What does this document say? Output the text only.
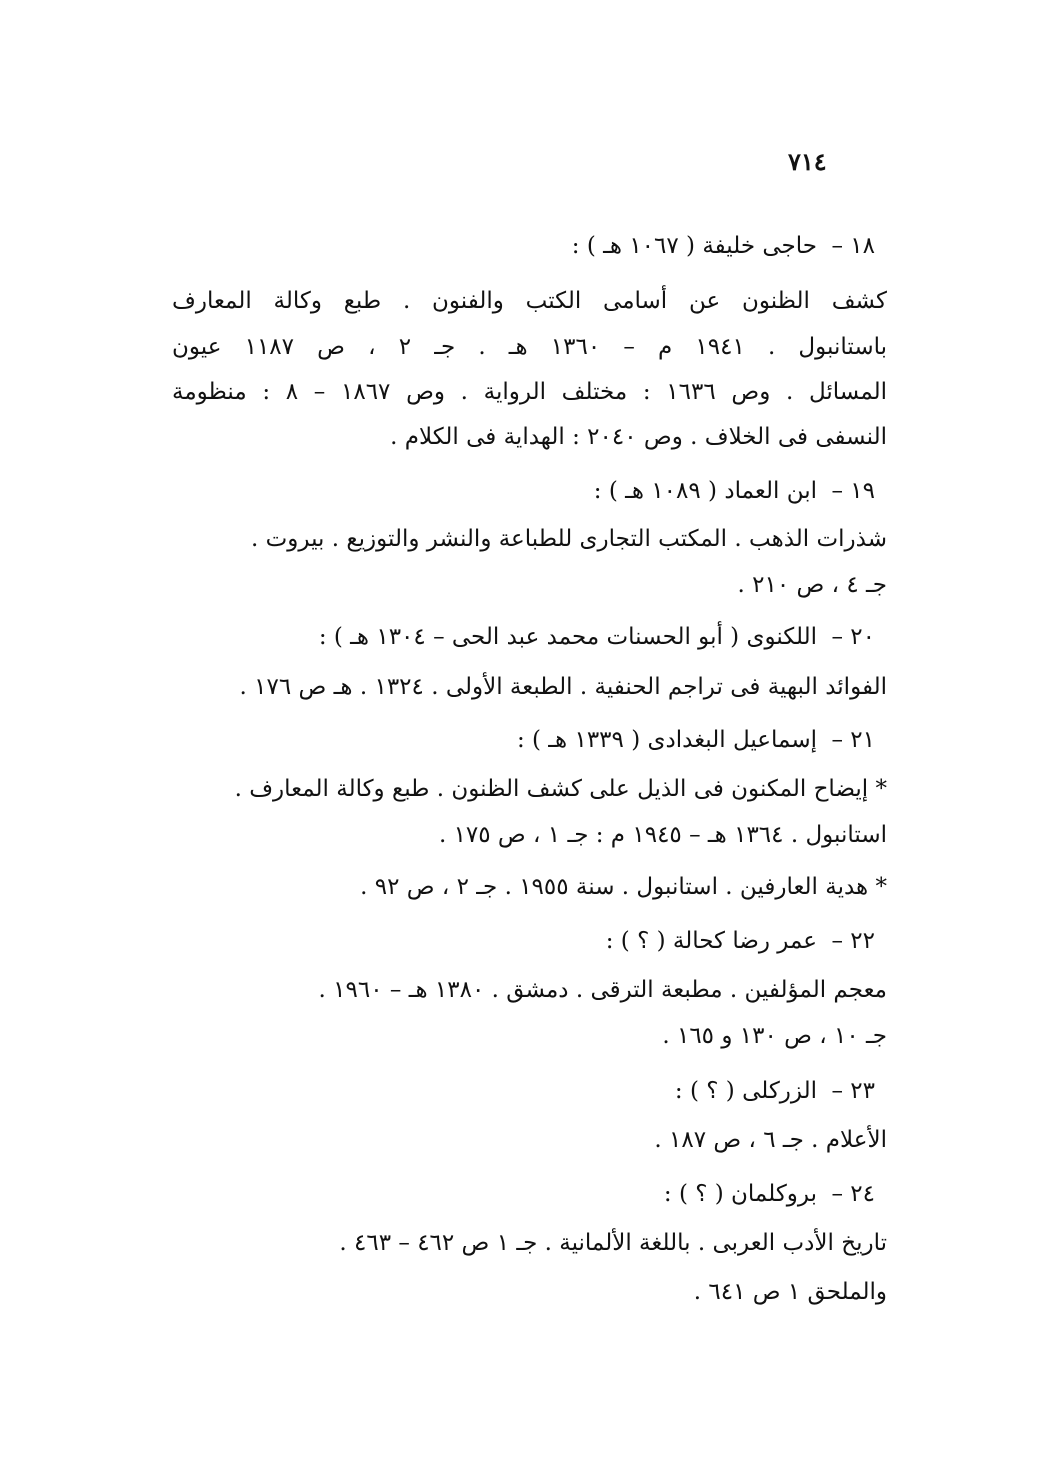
٧١٤
١٨ –حاجى خليفة ( ١٠٦٧ هـ ) :
كشف الظنون عن أسامى الكتب والفنون . طبع وكالة المعارف
باستانبول . ١٩٤١ م – ١٣٦٠ هـ . جـ ٢ ، ص ١١٨٧ عيون
المسائل . وص ١٦٣٦ : مختلف الرواية . وص ١٨٦٧ – ٨ : منظومة
النسفى فى الخلاف . وص ٢٠٤٠ : الهداية فى الكلام .
١٩ –ابن العماد ( ١٠٨٩ هـ ) :
شذرات الذهب . المكتب التجارى للطباعة والنشر والتوزيع . بيروت .
جـ ٤ ، ص ٢١٠ .
٢٠ –اللكنوى ( أبو الحسنات محمد عبد الحى – ١٣٠٤ هـ ) :
الفوائد البهية فى تراجم الحنفية . الطبعة الأولى . ١٣٢٤ . هـ ص ١٧٦ .
٢١ –إسماعيل البغدادى ( ١٣٣٩ هـ ) :
* إيضاح المكنون فى الذيل على كشف الظنون . طبع وكالة المعارف .
استانبول . ١٣٦٤ هـ – ١٩٤٥ م : جـ ١ ، ص ١٧٥ .
* هدية العارفين . استانبول . سنة ١٩٥٥ . جـ ٢ ، ص ٩٢ .
٢٢ –عمر رضا كحالة ( ؟ ) :
معجم المؤلفين . مطبعة الترقى . دمشق . ١٣٨٠ هـ – ١٩٦٠ .
جـ ١٠ ، ص ١٣٠ و ١٦٥ .
٢٣ –الزركلى ( ؟ ) :
الأعلام . جـ ٦ ، ص ١٨٧ .
٢٤ –بروكلمان ( ؟ ) :
تاريخ الأدب العربى . باللغة الألمانية . جـ ١ ص ٤٦٢ – ٤٦٣ .
والملحق ١ ص ٦٤١ .
